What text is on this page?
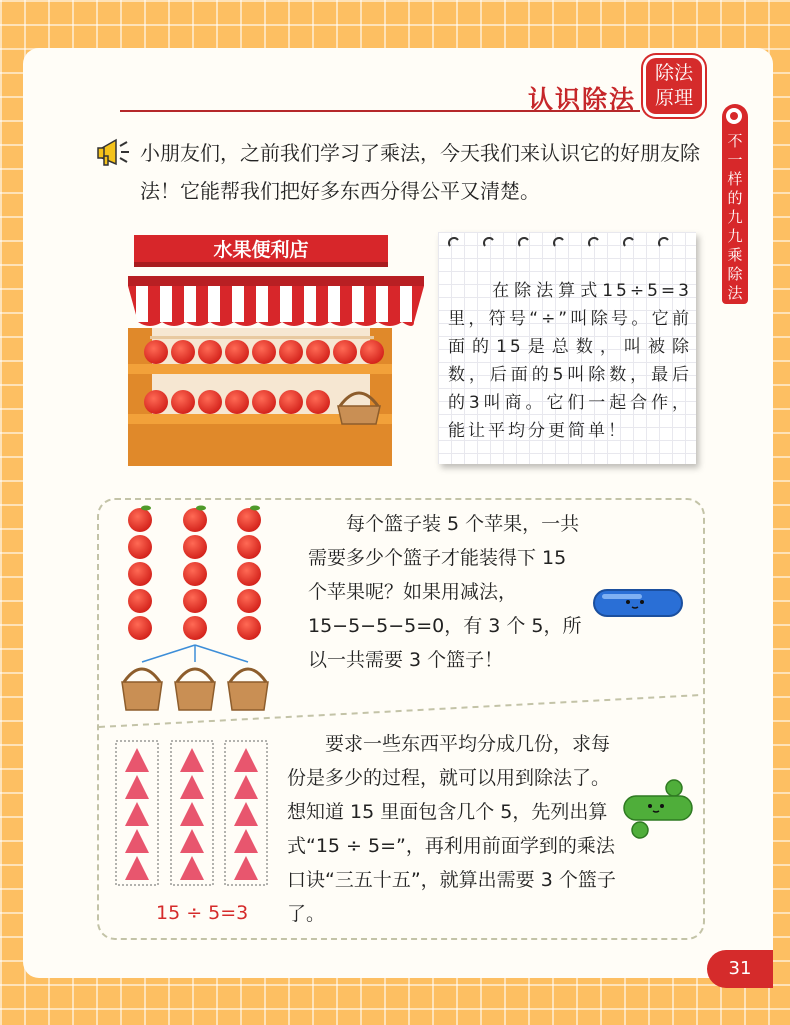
认识除法
除法
原理
不一样的九九乘除法
小朋友们，之前我们学习了乘法，今天我们来认识它的好朋友除法！它能帮我们把好多东西分得公平又清楚。
水果便利店
　　在除法算式15÷5=3里，符号“÷”叫除号。它前面的15是总数，叫被除数，后面的5叫除数，最后的3叫商。它们一起合作，能让平均分更简单！
　　每个篮子装 5 个苹果，一共需要多少个篮子才能装得下 15 个苹果呢？如果用减法，15−5−5−5=0，有 3 个 5，所以一共需要 3 个篮子！
15 ÷ 5=3
　　要求一些东西平均分成几份，求每份是多少的过程，就可以用到除法了。想知道 15 里面包含几个 5，先列出算式“15 ÷ 5=”，再利用前面学到的乘法口诀“三五十五”，就算出需要 3 个篮子了。
31
